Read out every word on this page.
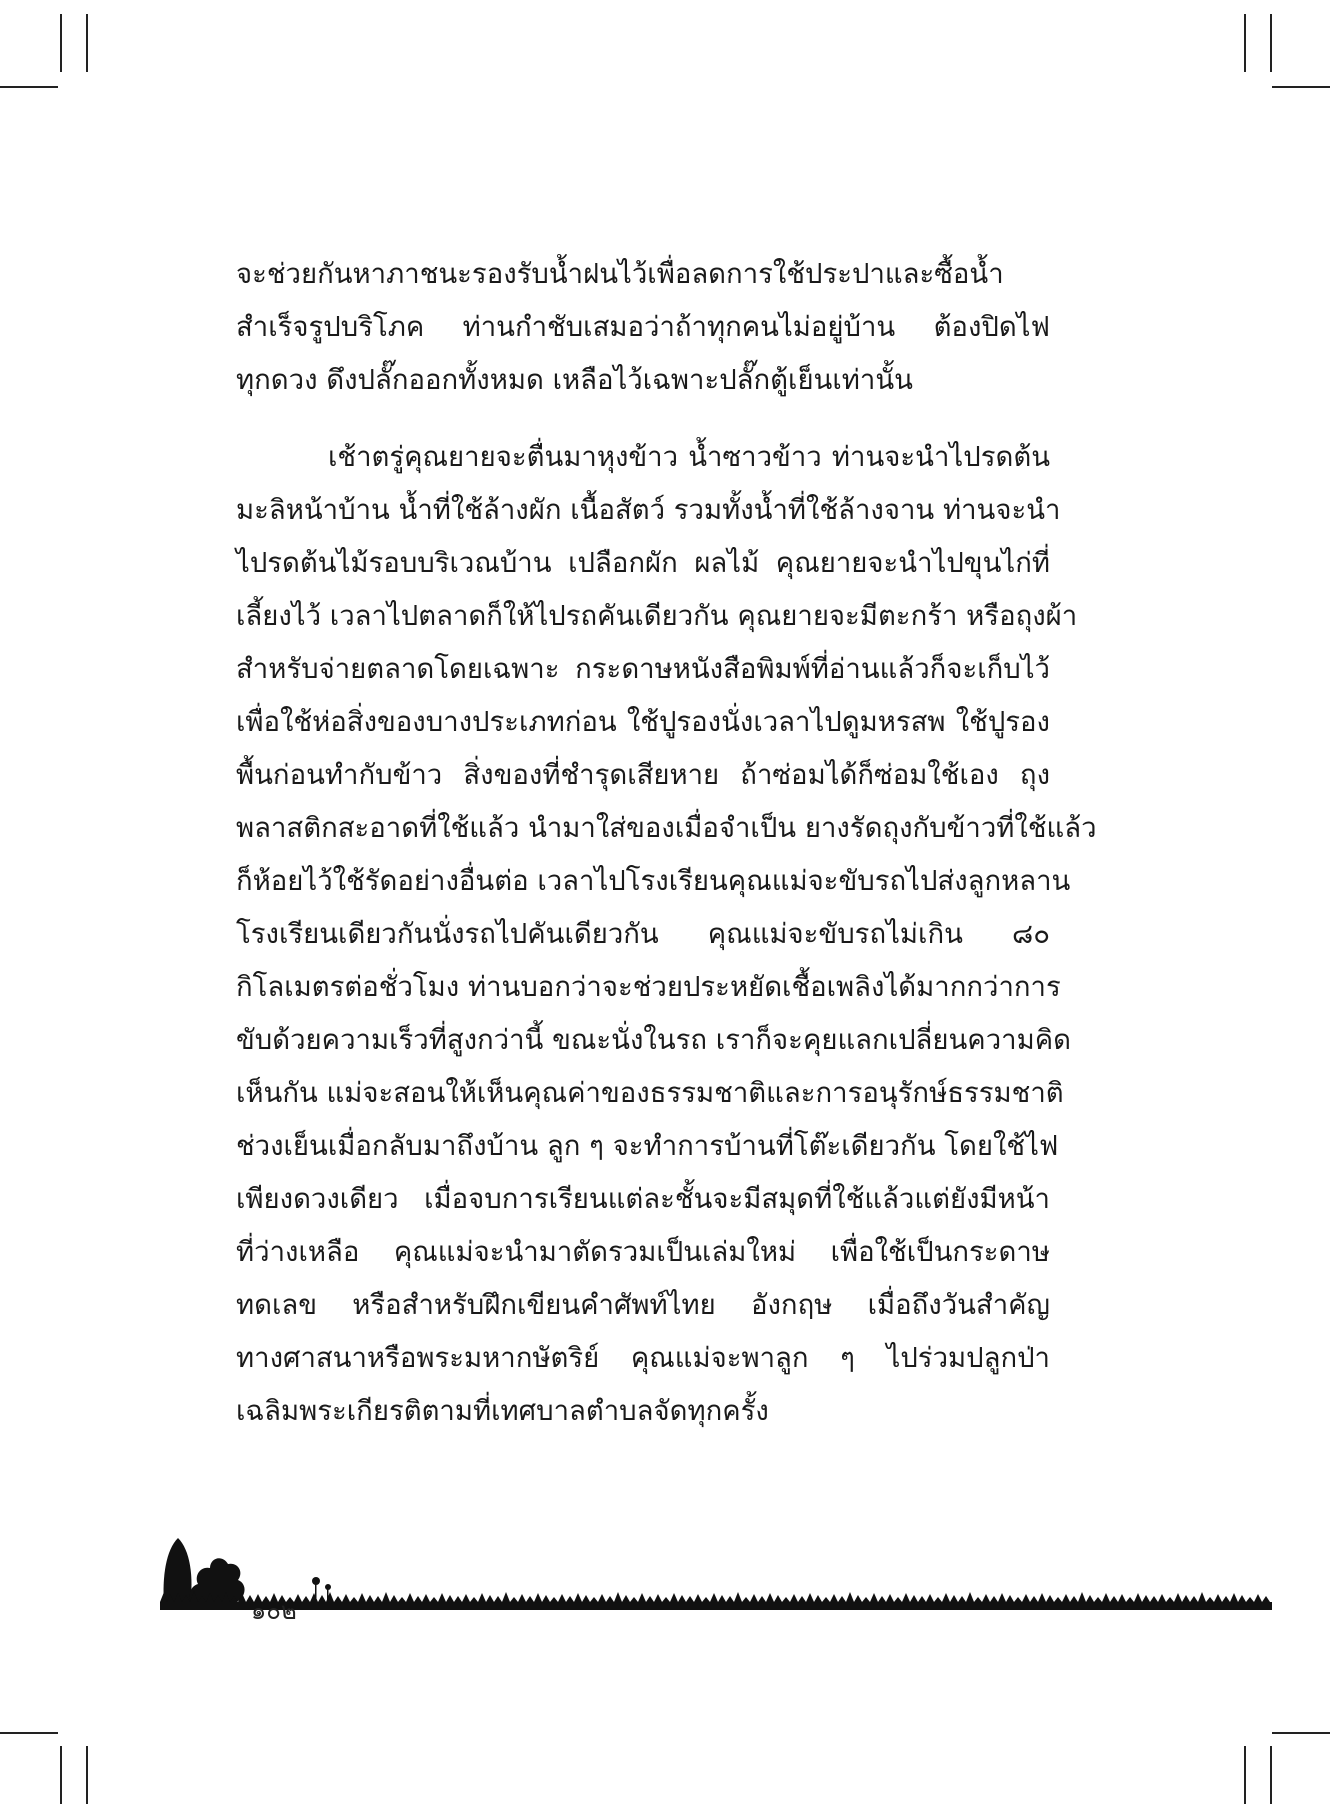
จะช่วยกันหาภาชนะรองรับน้ำฝนไว้เพื่อลดการใช้ประปาและซื้อน้ำ
สำเร็จรูปบริโภค ท่านกำชับเสมอว่าถ้าทุกคนไม่อยู่บ้าน ต้องปิดไฟ
ทุกดวง ดึงปลั๊กออกทั้งหมด เหลือไว้เฉพาะปลั๊กตู้เย็นเท่านั้น
เช้าตรู่คุณยายจะตื่นมาหุงข้าว น้ำซาวข้าว ท่านจะนำไปรดต้น
มะลิหน้าบ้าน น้ำที่ใช้ล้างผัก เนื้อสัตว์ รวมทั้งน้ำที่ใช้ล้างจาน ท่านจะนำ
ไปรดต้นไม้รอบบริเวณบ้าน เปลือกผัก ผลไม้ คุณยายจะนำไปขุนไก่ที่
เลี้ยงไว้ เวลาไปตลาดก็ให้ไปรถคันเดียวกัน คุณยายจะมีตะกร้า หรือถุงผ้า
สำหรับจ่ายตลาดโดยเฉพาะ กระดาษหนังสือพิมพ์ที่อ่านแล้วก็จะเก็บไว้
เพื่อใช้ห่อสิ่งของบางประเภทก่อน ใช้ปูรองนั่งเวลาไปดูมหรสพ ใช้ปูรอง
พื้นก่อนทำกับข้าว สิ่งของที่ชำรุดเสียหาย ถ้าซ่อมได้ก็ซ่อมใช้เอง ถุง
พลาสติกสะอาดที่ใช้แล้ว นำมาใส่ของเมื่อจำเป็น ยางรัดถุงกับข้าวที่ใช้แล้ว
ก็ห้อยไว้ใช้รัดอย่างอื่นต่อ เวลาไปโรงเรียนคุณแม่จะขับรถไปส่งลูกหลาน
โรงเรียนเดียวกันนั่งรถไปคันเดียวกัน คุณแม่จะขับรถไม่เกิน ๘๐
กิโลเมตรต่อชั่วโมง ท่านบอกว่าจะช่วยประหยัดเชื้อเพลิงได้มากกว่าการ
ขับด้วยความเร็วที่สูงกว่านี้ ขณะนั่งในรถ เราก็จะคุยแลกเปลี่ยนความคิด
เห็นกัน แม่จะสอนให้เห็นคุณค่าของธรรมชาติและการอนุรักษ์ธรรมชาติ
ช่วงเย็นเมื่อกลับมาถึงบ้าน ลูก ๆ จะทำการบ้านที่โต๊ะเดียวกัน โดยใช้ไฟ
เพียงดวงเดียว เมื่อจบการเรียนแต่ละชั้นจะมีสมุดที่ใช้แล้วแต่ยังมีหน้า
ที่ว่างเหลือ คุณแม่จะนำมาตัดรวมเป็นเล่มใหม่ เพื่อใช้เป็นกระดาษ
ทดเลข หรือสำหรับฝึกเขียนคำศัพท์ไทย อังกฤษ เมื่อถึงวันสำคัญ
ทางศาสนาหรือพระมหากษัตริย์ คุณแม่จะพาลูก ๆ ไปร่วมปลูกป่า
เฉลิมพระเกียรติตามที่เทศบาลตำบลจัดทุกครั้ง
๑๐๒
